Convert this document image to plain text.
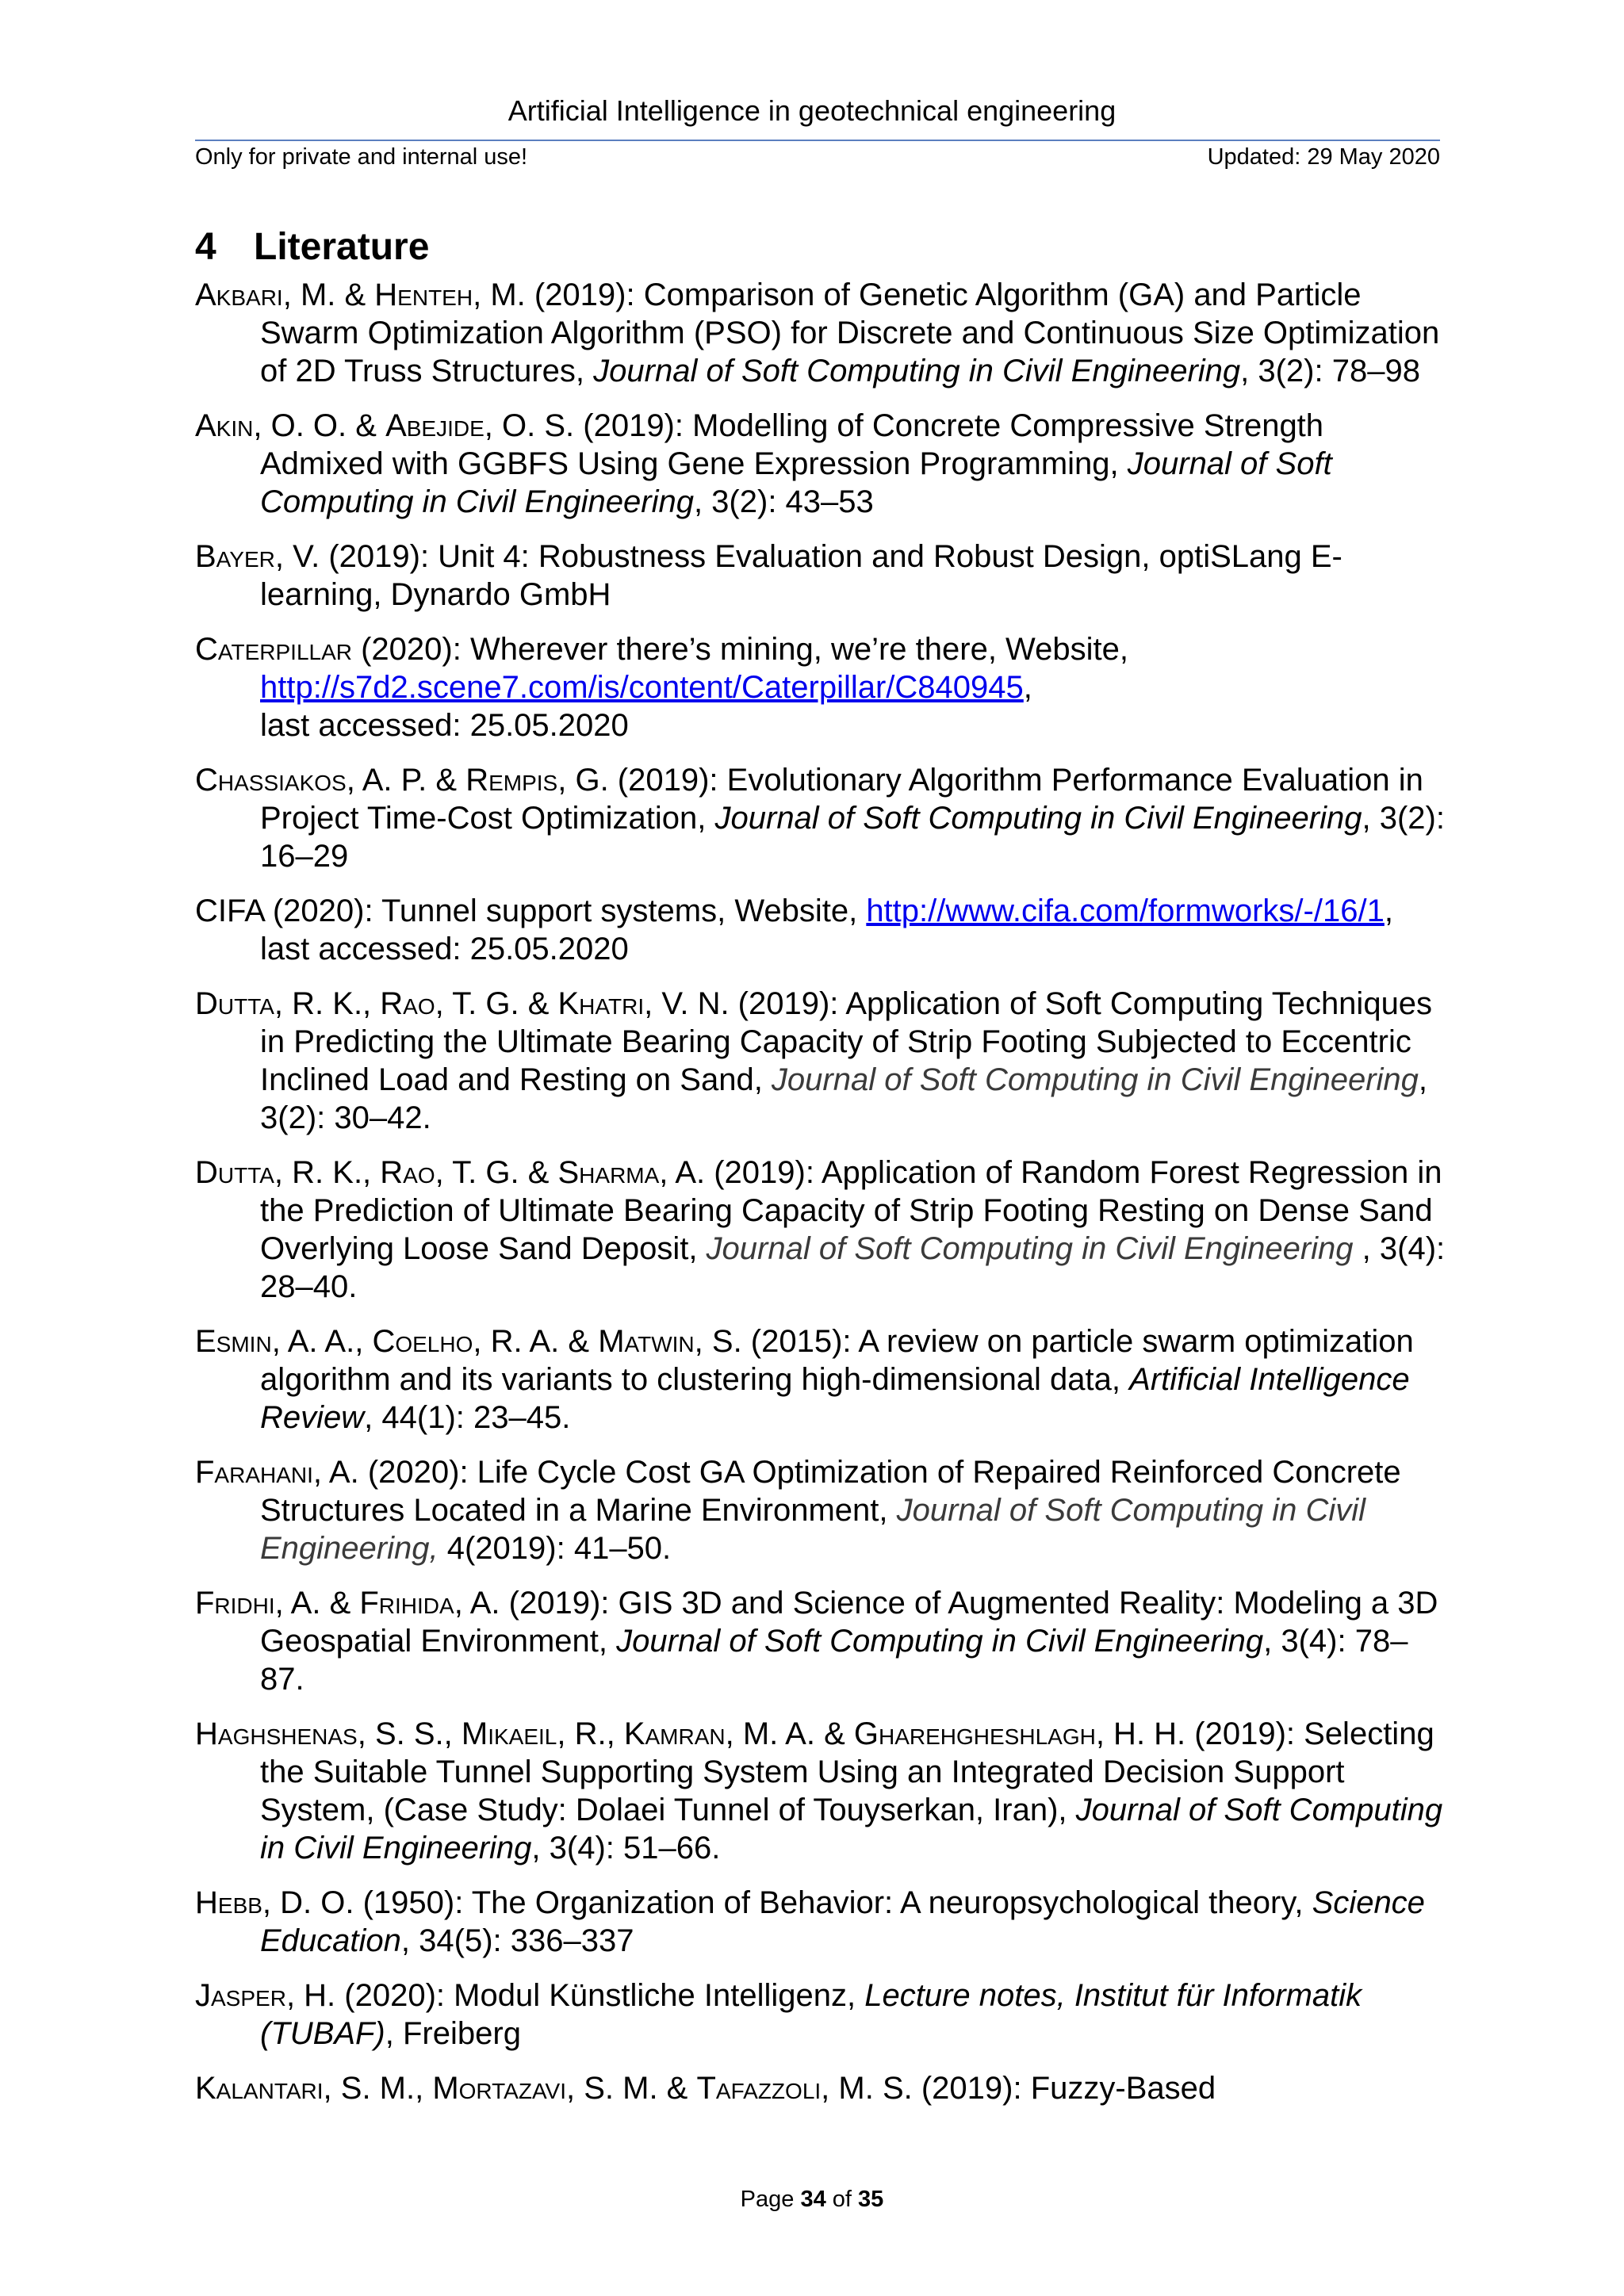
Artificial Intelligence in geotechnical engineering
Only for private and internal use!	Updated: 29 May 2020
4 Literature
Akbari, M. & Henteh, M. (2019): Comparison of Genetic Algorithm (GA) and Particle Swarm Optimization Algorithm (PSO) for Discrete and Continuous Size Optimization of 2D Truss Structures, Journal of Soft Computing in Civil Engineering, 3(2): 78–98
Akin, O. O. & Abejide, O. S. (2019): Modelling of Concrete Compressive Strength Admixed with GGBFS Using Gene Expression Programming, Journal of Soft Computing in Civil Engineering, 3(2): 43–53
Bayer, V. (2019): Unit 4: Robustness Evaluation and Robust Design, optiSLang E-learning, Dynardo GmbH
Caterpillar (2020): Wherever there’s mining, we’re there, Website,
http://s7d2.scene7.com/is/content/Caterpillar/C840945,
last accessed: 25.05.2020
Chassiakos, A. P. & Rempis, G. (2019): Evolutionary Algorithm Performance Evaluation in Project Time-Cost Optimization, Journal of Soft Computing in Civil Engineering, 3(2): 16–29
CIFA (2020): Tunnel support systems, Website, http://www.cifa.com/formworks/-/16/1, last accessed: 25.05.2020
Dutta, R. K., Rao, T. G. & Khatri, V. N. (2019): Application of Soft Computing Techniques in Predicting the Ultimate Bearing Capacity of Strip Footing Subjected to Eccentric Inclined Load and Resting on Sand, Journal of Soft Computing in Civil Engineering, 3(2): 30–42.
Dutta, R. K., Rao, T. G. & Sharma, A. (2019): Application of Random Forest Regression in the Prediction of Ultimate Bearing Capacity of Strip Footing Resting on Dense Sand Overlying Loose Sand Deposit, Journal of Soft Computing in Civil Engineering , 3(4): 28–40.
Esmin, A. A., Coelho, R. A. & Matwin, S. (2015): A review on particle swarm optimization algorithm and its variants to clustering high-dimensional data, Artificial Intelligence Review, 44(1): 23–45.
Farahani, A. (2020): Life Cycle Cost GA Optimization of Repaired Reinforced Concrete Structures Located in a Marine Environment, Journal of Soft Computing in Civil Engineering, 4(2019): 41–50.
Fridhi, A. & Frihida, A. (2019): GIS 3D and Science of Augmented Reality: Modeling a 3D Geospatial Environment, Journal of Soft Computing in Civil Engineering, 3(4): 78–87.
Haghshenas, S. S., Mikaeil, R., Kamran, M. A. & Gharehgheshlagh, H. H. (2019): Selecting the Suitable Tunnel Supporting System Using an Integrated Decision Support System, (Case Study: Dolaei Tunnel of Touyserkan, Iran), Journal of Soft Computing in Civil Engineering, 3(4): 51–66.
Hebb, D. O. (1950): The Organization of Behavior: A neuropsychological theory, Science Education, 34(5): 336–337
Jasper, H. (2020): Modul Künstliche Intelligenz, Lecture notes, Institut für Informatik (TUBAF), Freiberg
Kalantari, S. M., Mortazavi, S. M. & Tafazzoli, M. S. (2019): Fuzzy-Based
Page 34 of 35
